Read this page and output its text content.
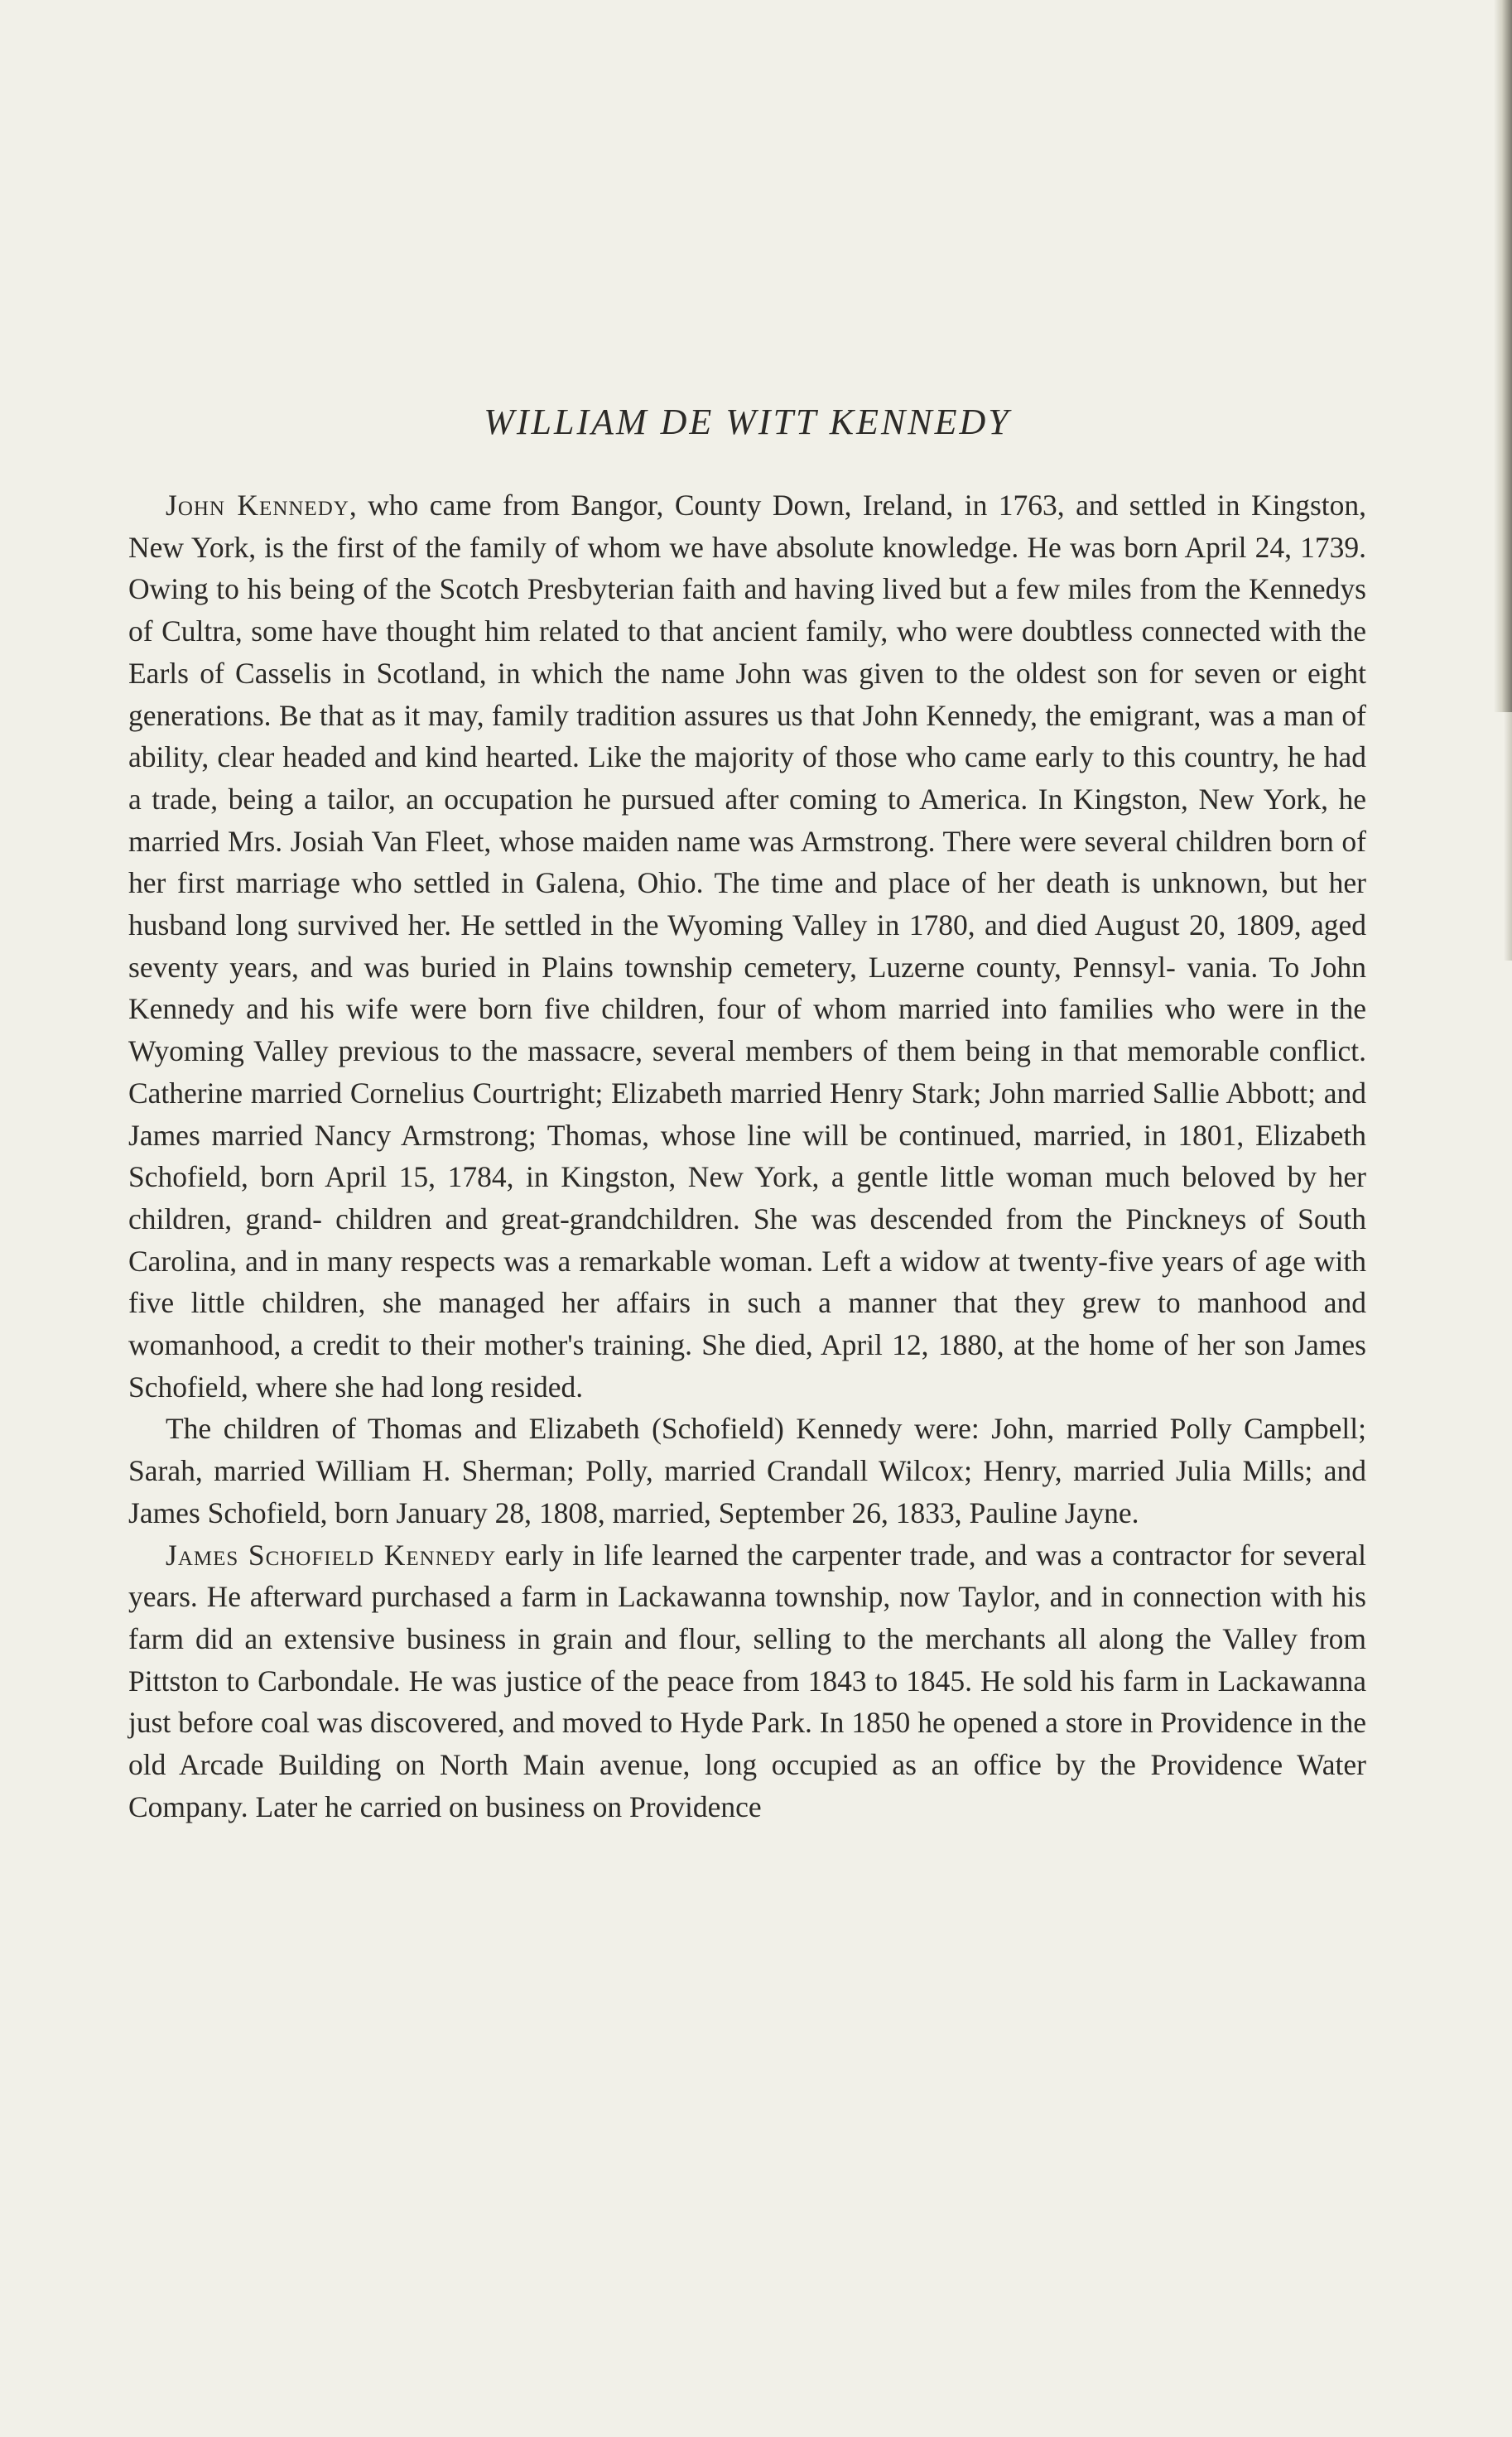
WILLIAM DE WITT KENNEDY

John Kennedy, who came from Bangor, County Down, Ireland, in 1763, and settled in Kingston, New York, is the first of the family of whom we have absolute knowledge. He was born April 24, 1739. Owing to his being of the Scotch Presbyterian faith and having lived but a few miles from the Kennedys of Cultra, some have thought him related to that ancient family, who were doubtless connected with the Earls of Casselis in Scotland, in which the name John was given to the oldest son for seven or eight generations. Be that as it may, family tradition assures us that John Kennedy, the emigrant, was a man of ability, clear headed and kind hearted. Like the majority of those who came early to this country, he had a trade, being a tailor, an occupation he pursued after coming to America. In Kingston, New York, he married Mrs. Josiah Van Fleet, whose maiden name was Armstrong. There were several children born of her first marriage who settled in Galena, Ohio. The time and place of her death is unknown, but her husband long survived her. He settled in the Wyoming Valley in 1780, and died August 20, 1809, aged seventy years, and was buried in Plains township cemetery, Luzerne county, Pennsyl- vania. To John Kennedy and his wife were born five children, four of whom married into families who were in the Wyoming Valley previous to the massacre, several members of them being in that memorable conflict. Catherine married Cornelius Courtright; Elizabeth married Henry Stark; John married Sallie Abbott; and James married Nancy Armstrong; Thomas, whose line will be continued, married, in 1801, Elizabeth Schofield, born April 15, 1784, in Kingston, New York, a gentle little woman much beloved by her children, grand- children and great-grandchildren. She was descended from the Pinckneys of South Carolina, and in many respects was a remarkable woman. Left a widow at twenty-five years of age with five little children, she managed her affairs in such a manner that they grew to manhood and womanhood, a credit to their mother's training. She died, April 12, 1880, at the home of her son James Schofield, where she had long resided.

The children of Thomas and Elizabeth (Schofield) Kennedy were: John, married Polly Campbell; Sarah, married William H. Sherman; Polly, married Crandall Wilcox; Henry, married Julia Mills; and James Schofield, born January 28, 1808, married, September 26, 1833, Pauline Jayne.

James Schofield Kennedy early in life learned the carpenter trade, and was a contractor for several years. He afterward purchased a farm in Lackawanna township, now Taylor, and in connection with his farm did an extensive business in grain and flour, selling to the merchants all along the Valley from Pittston to Carbondale. He was justice of the peace from 1843 to 1845. He sold his farm in Lackawanna just before coal was discovered, and moved to Hyde Park. In 1850 he opened a store in Providence in the old Arcade Building on North Main avenue, long occupied as an office by the Providence Water Company. Later he carried on business on Providence
